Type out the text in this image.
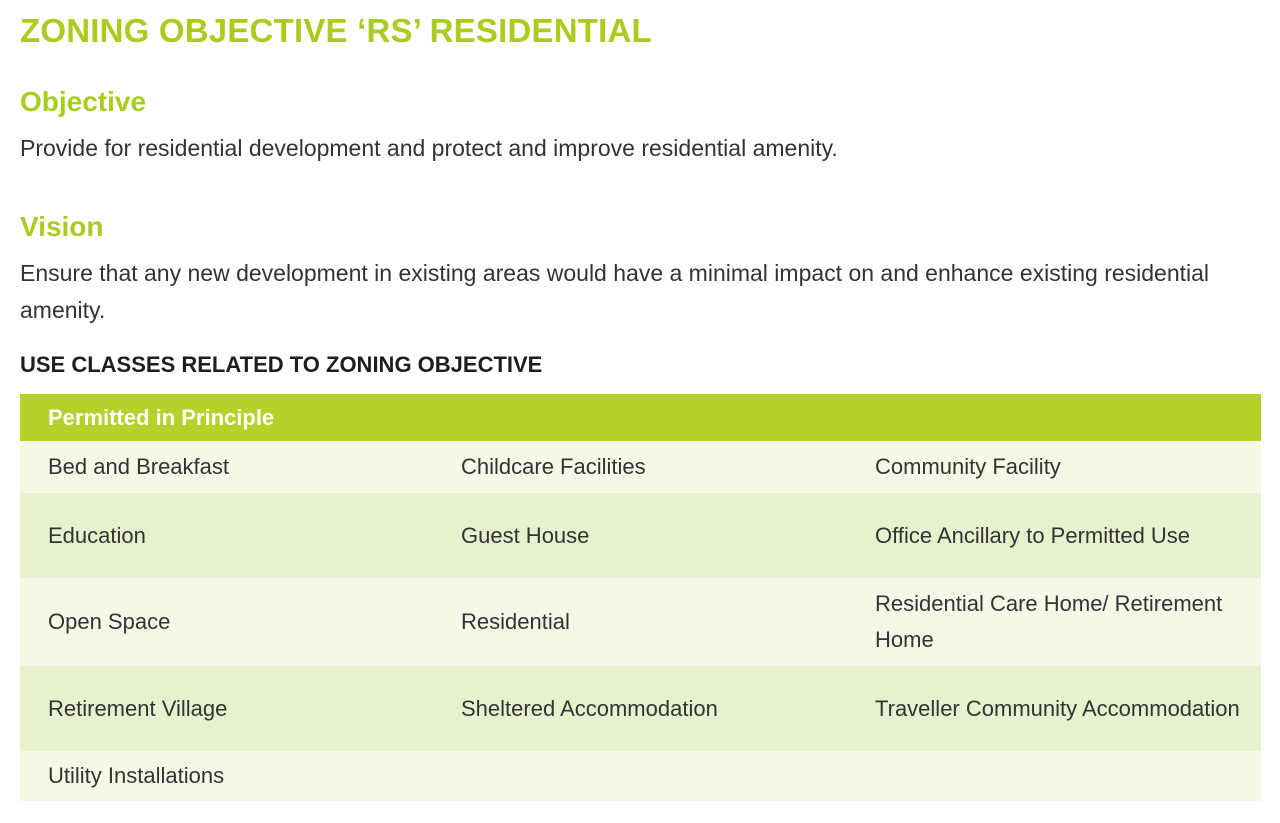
ZONING OBJECTIVE ‘RS’ RESIDENTIAL
Objective

Provide for residential development and protect and improve residential amenity.

Vision

Ensure that any new development in existing areas would have a minimal impact on and enhance existing residential amenity.

USE CLASSES RELATED TO ZONING OBJECTIVE
Permitted in Principle		
Bed and Breakfast	Childcare Facilities	Community Facility
Education	Guest House	Office Ancillary to Permitted Use
Open Space	Residential	Residential Care Home/ Retirement Home
Retirement Village	Sheltered Accommodation	Traveller Community Accommodation
Utility Installations		
